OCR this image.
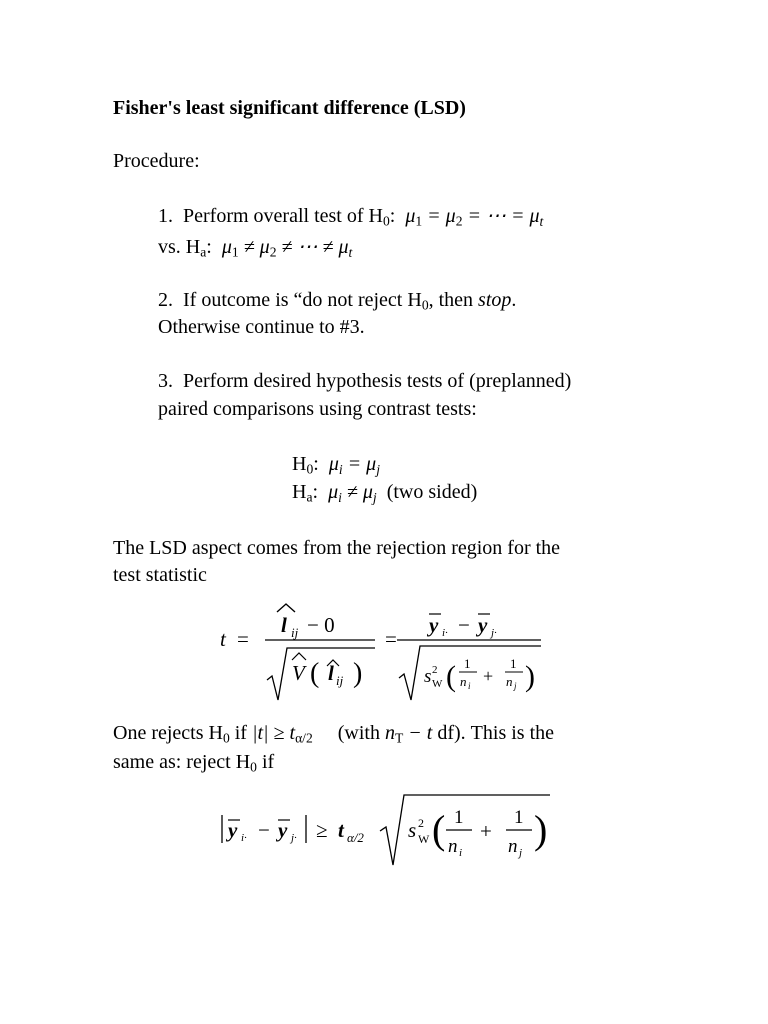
Fisher's least significant difference (LSD)
Procedure:
1. Perform overall test of $H_0$:  $\mu_1 = \mu_2$ = ⋯ = $\mu_t$
vs. $H_a$:  $\mu_1 \ne \mu_2$ ≠ ⋯ ≠ $\mu_t$
2. If outcome is “do not reject $H_0$, then stop.
Otherwise continue to #3.
3. Perform desired hypothesis tests of (preplanned)
paired comparisons using contrast tests:
$H_0$:  $\mu_i = \mu_j$
$H_a$:  $\mu_i \ne \mu_j$ (two sided)
The LSD aspect comes from the rejection region for the
test statistic
t =
l ij − 0
V ( l ij )
=
y i· − y j·
s 2
W ( 1
n i +
1
n j )
One rejects $H_0$ if $|t| \ge t_{\alpha/2}$ (with $n_T - t$ df). This is the
same as: reject $H_0$ if
y i· − y j· ≥ t α/2 s 2
W ( 1
n i
+
1
n j
)
